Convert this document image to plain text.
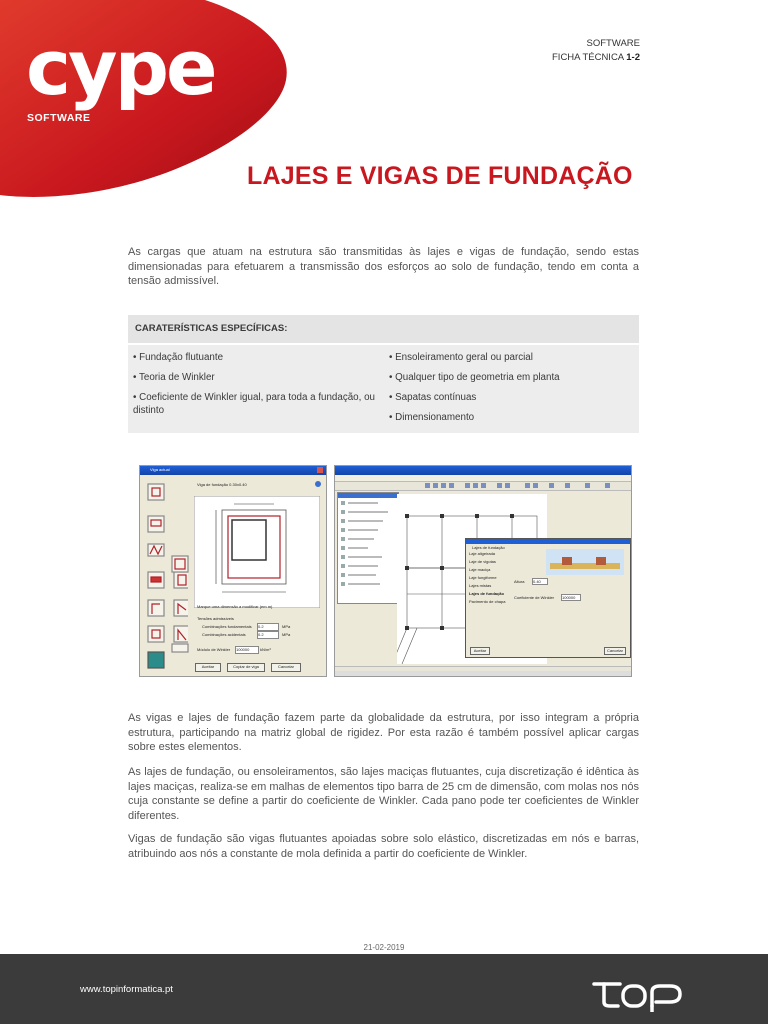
cype
SOFTWARE
SOFTWARE
FICHA TÉCNICA 1-2
LAJES E VIGAS DE FUNDAÇÃO
As cargas que atuam na estrutura são transmitidas às lajes e vigas de fundação, sendo estas dimensionadas para efetuarem a transmissão dos esforços ao solo de fundação, tendo em conta a tensão admissível.
CARATERÍSTICAS ESPECÍFICAS:
• Fundação flutuante
• Teoria de Winkler
• Coeficiente de Winkler igual, para toda a fundação, ou distinto
• Ensoleiramento geral ou parcial
• Qualquer tipo de geometria em planta
• Sapatas contínuas
• Dimensionamento
Viga actual
Viga de fundação 0.30x0.40
Marque uma dimensão a modificar (em m)
Tensões admissíveis
Combinações fundamentais 0.2	MPa
Combinações acidentais	0.2	MPa
Módulo de Winkler 100000	kN/m³
Aceitar	Copiar de viga	Cancelar
Lajes de fundação
Laje aligeirada
Laje de vigotas
Laje maciça
Laje fungiforme
Lajes mistas
Lajes de fundação
Pavimento de chapa
Altura 0.40
Coeficiente de Winkler 100000
Aceitar	Cancelar
As vigas e lajes de fundação fazem parte da globalidade da estrutura, por isso integram a própria estrutura, participando na matriz global de rigidez. Por esta razão é também possível aplicar cargas sobre estes elementos.
As lajes de fundação, ou ensoleiramentos, são lajes maciças flutuantes, cuja discretização é idêntica às lajes maciças, realiza-se em malhas de elementos tipo barra de 25 cm de dimensão, com molas nos nós cuja constante se define a partir do coeficiente de Winkler. Cada pano pode ter coeficientes de Winkler diferentes.
Vigas de fundação são vigas flutuantes apoiadas sobre solo elástico, discretizadas em nós e barras, atribuindo aos nós a constante de mola definida a partir do coeficiente de Winkler.
21-02-2019
www.topinformatica.pt
